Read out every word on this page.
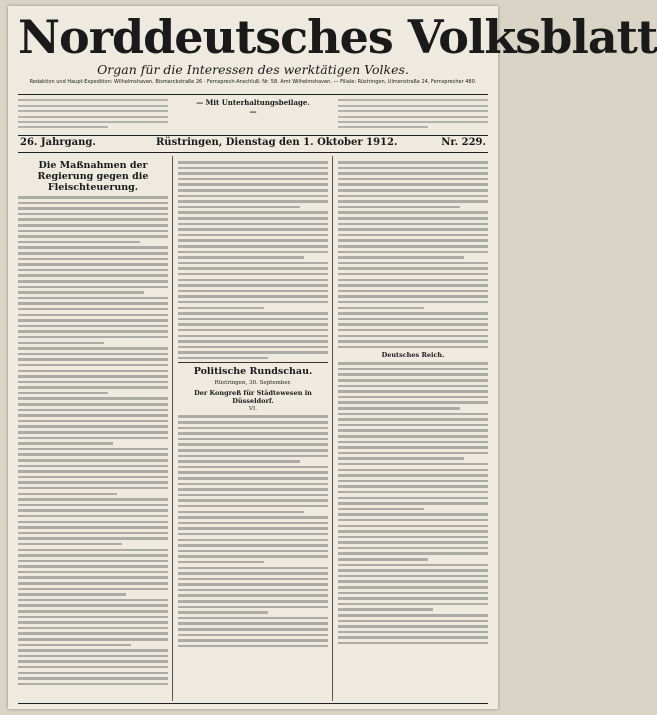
Norddeutsches Volksblatt
Organ für die Interessen des werktätigen Volkes.
Redaktion und Haupt-Expedition: Wilhelmshaven, Bismarckstraße 26 · Fernsprech-Anschluß: Nr. 58. Amt Wilhelmshaven. — Filiale: Rüstringen, Ulmenstraße 24, Fernsprecher 480.
— Mit Unterhaltungsbeilage. —
26. Jahrgang.	Rüstringen, Dienstag den 1. Oktober 1912.	Nr. 229.
Die Maßnahmen der Regierung gegen die Fleischteuerung.
Politische Rundschau.
Rüstringen, 30. September.
Der Kongreß für Städtewesen in Düsseldorf.
VI.
Deutsches Reich.
